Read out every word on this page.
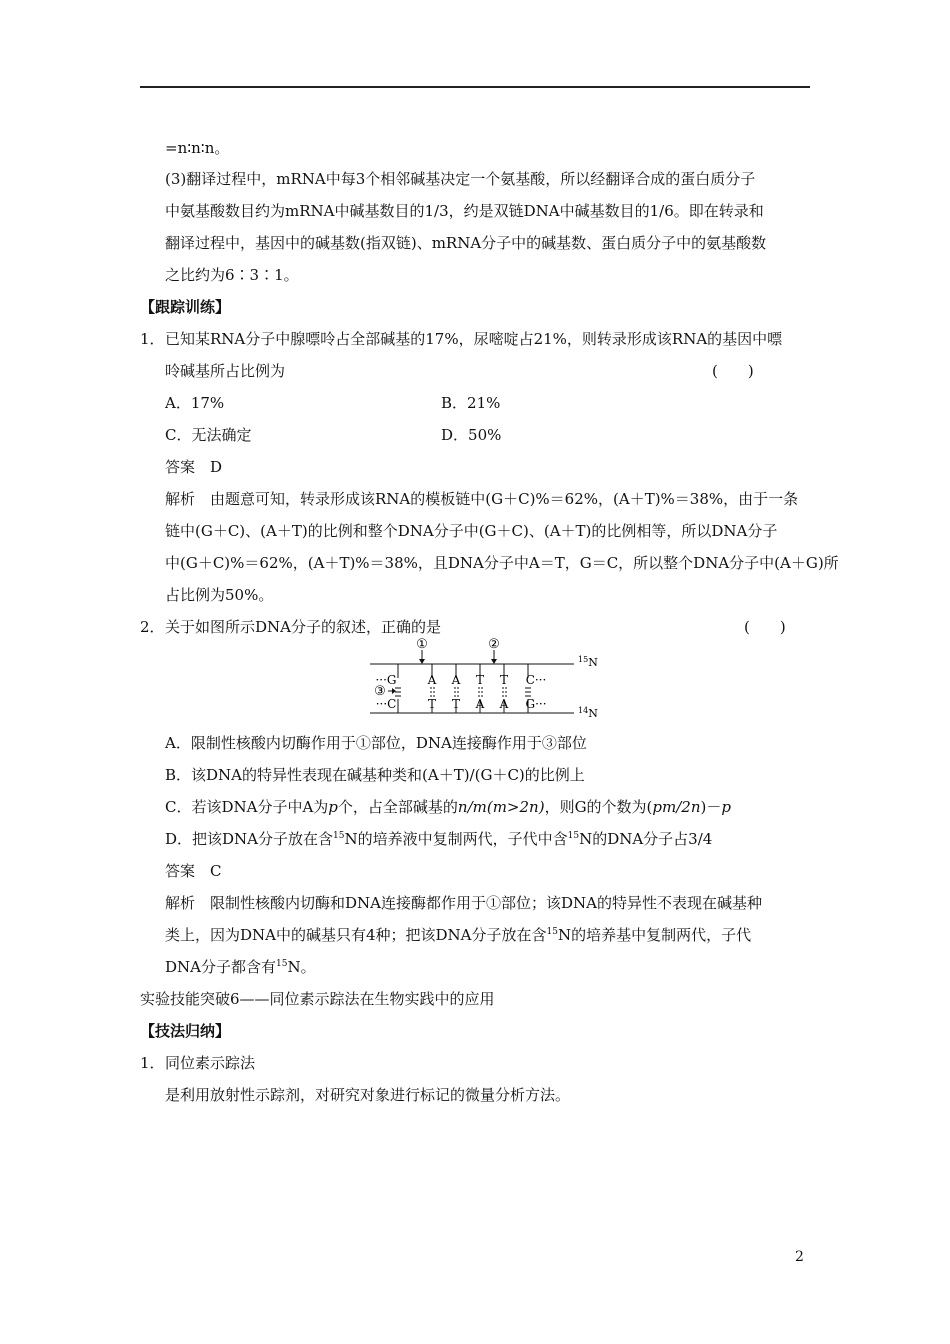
=n∶n∶n。
(3)翻译过程中，mRNA中每3个相邻碱基决定一个氨基酸，所以经翻译合成的蛋白质分子
中氨基酸数目约为mRNA中碱基数目的1/3，约是双链DNA中碱基数目的1/6。即在转录和
翻译过程中，基因中的碱基数(指双链)、mRNA分子中的碱基数、蛋白质分子中的氨基酸数
之比约为6∶3∶1。
【跟踪训练】
1． 已知某RNA分子中腺嘌呤占全部碱基的17%，尿嘧啶占21%，则转录形成该RNA的基因中嘌
呤碱基所占比例为	(　　)
A．17%	B．21%
C．无法确定	D．50%
答案　D
解析　由题意可知，转录形成该RNA的模板链中(G＋C)%＝62%，(A＋T)%＝38%，由于一条
链中(G＋C)、(A＋T)的比例和整个DNA分子中(G＋C)、(A＋T)的比例相等，所以DNA分子
中(G＋C)%＝62%，(A＋T)%＝38%，且DNA分子中A＝T，G＝C，所以整个DNA分子中(A＋G)所
占比例为50%。
2． 关于如图所示DNA分子的叙述，正确的是	(　　)
①	②
$^{15}$N
···G	A A T T C···
③
···C	T T A A G···	$^{14}$N
A．限制性核酸内切酶作用于①部位，DNA连接酶作用于③部位
B．该DNA的特异性表现在碱基种类和(A＋T)/(G＋C)的比例上
C．若该DNA分子中A为p个，占全部碱基的n/m(m>2n)，则G的个数为(pm/2n)－p
D．把该DNA分子放在含$^{15}$N的培养液中复制两代，子代中含$^{15}$N的DNA分子占3/4
答案　C
解析　限制性核酸内切酶和DNA连接酶都作用于①部位；该DNA的特异性不表现在碱基种
类上，因为DNA中的碱基只有4种；把该DNA分子放在含$^{15}$N的培养基中复制两代，子代
DNA分子都含有$^{15}$N。
实验技能突破6——同位素示踪法在生物实践中的应用
【技法归纳】
1． 同位素示踪法
是利用放射性示踪剂，对研究对象进行标记的微量分析方法。
2
